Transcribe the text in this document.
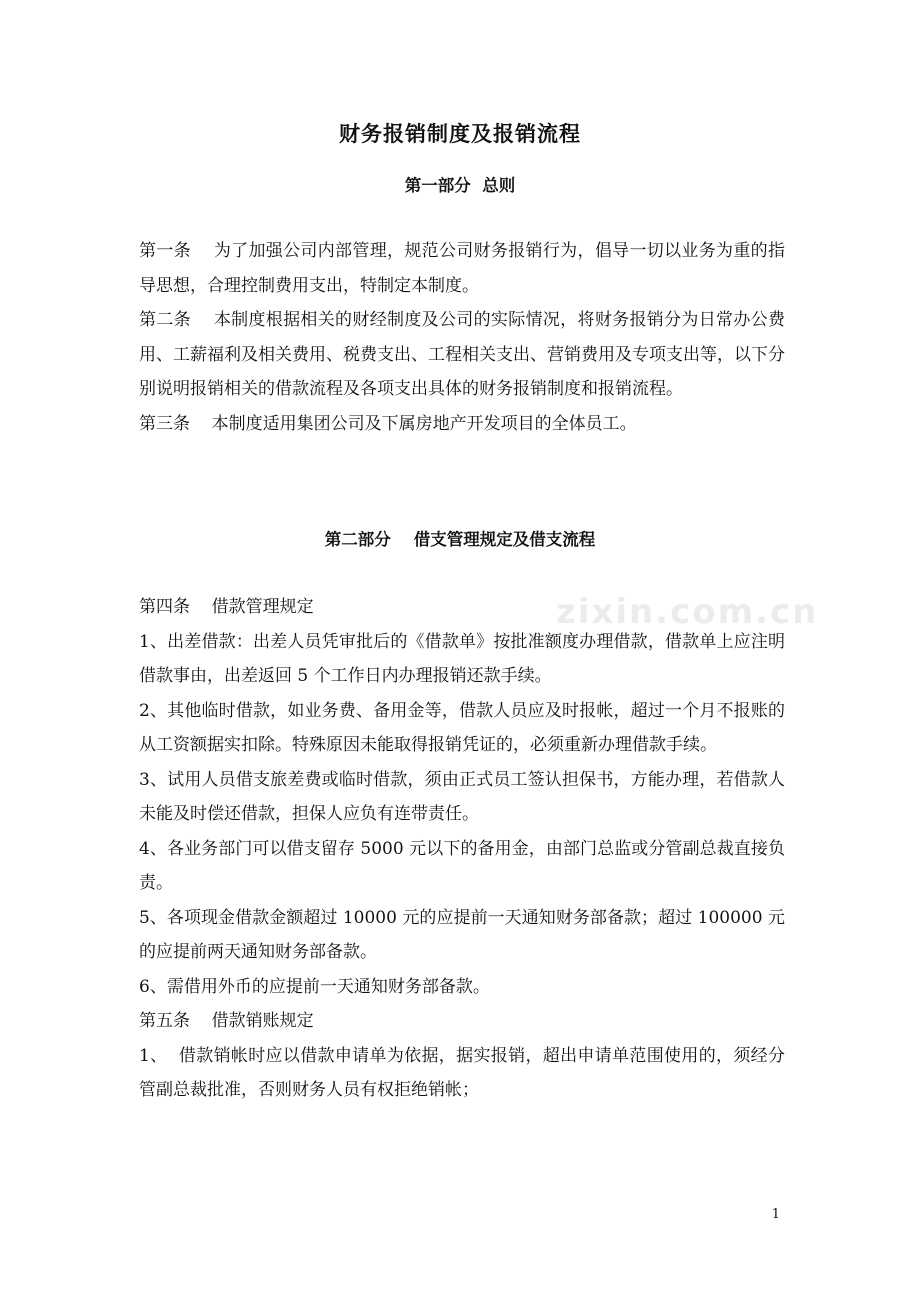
财务报销制度及报销流程
第一部分  总则

第一条    为了加强公司内部管理，规范公司财务报销行为，倡导一切以业务为重的指导思想，合理控制费用支出，特制定本制度。

第二条    本制度根据相关的财经制度及公司的实际情况，将财务报销分为日常办公费用、工薪福利及相关费用、税费支出、工程相关支出、营销费用及专项支出等，以下分别说明报销相关的借款流程及各项支出具体的财务报销制度和报销流程。

第三条    本制度适用集团公司及下属房地产开发项目的全体员工。

第二部分    借支管理规定及借支流程

第四条    借款管理规定

1、出差借款：出差人员凭审批后的《借款单》按批准额度办理借款，借款单上应注明借款事由，出差返回 5 个工作日内办理报销还款手续。

2、其他临时借款，如业务费、备用金等，借款人员应及时报帐，超过一个月不报账的从工资额据实扣除。特殊原因未能取得报销凭证的，必须重新办理借款手续。

3、试用人员借支旅差费或临时借款，须由正式员工签认担保书，方能办理，若借款人未能及时偿还借款，担保人应负有连带责任。

4、各业务部门可以借支留存 5000 元以下的备用金，由部门总监或分管副总裁直接负责。

5、各项现金借款金额超过 10000 元的应提前一天通知财务部备款；超过 100000 元的应提前两天通知财务部备款。

6、需借用外币的应提前一天通知财务部备款。

第五条    借款销账规定

1、  借款销帐时应以借款申请单为依据，据实报销，超出申请单范围使用的，须经分管副总裁批准，否则财务人员有权拒绝销帐；

zixin.com.cn

1
